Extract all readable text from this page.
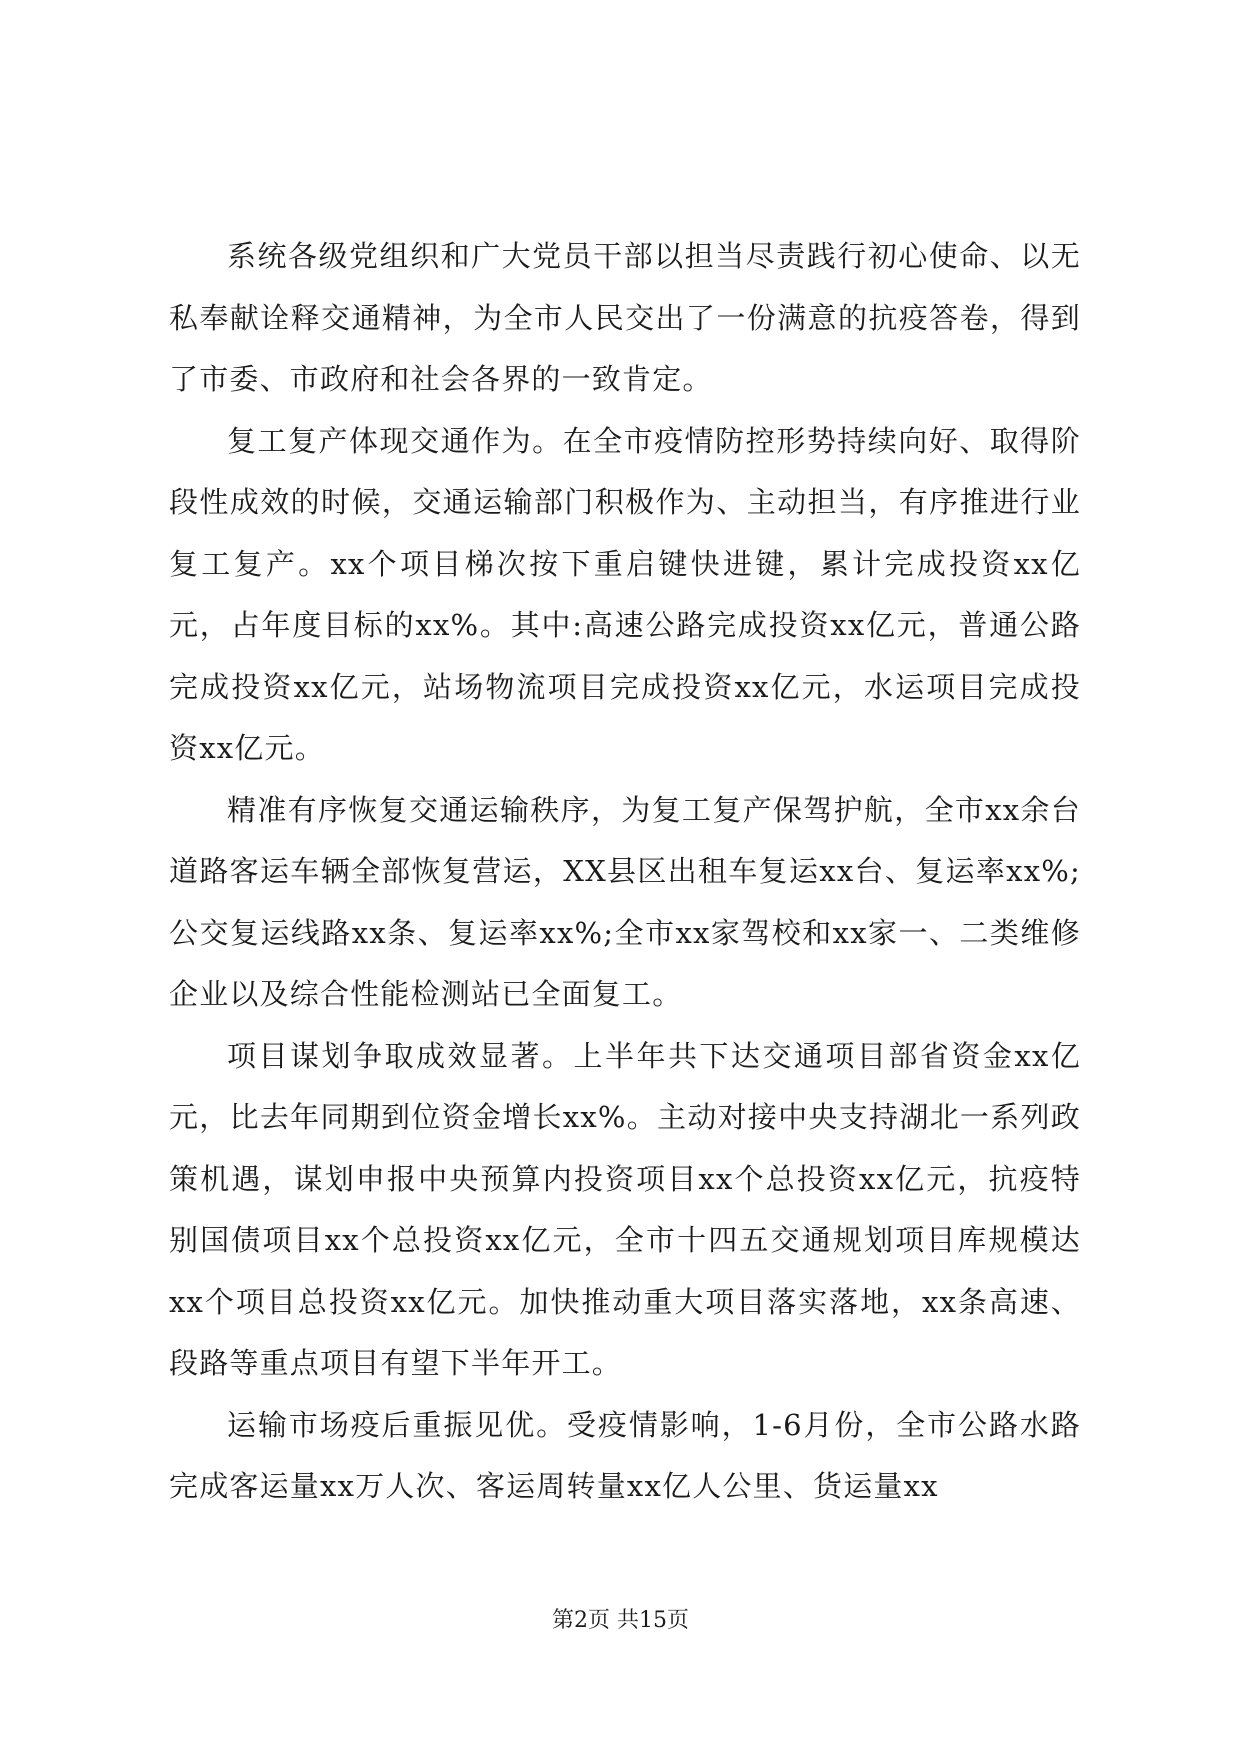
系统各级党组织和广大党员干部以担当尽责践行初心使命、以无私奉献诠释交通精神，为全市人民交出了一份满意的抗疫答卷，得到了市委、市政府和社会各界的一致肯定。

复工复产体现交通作为。在全市疫情防控形势持续向好、取得阶段性成效的时候，交通运输部门积极作为、主动担当，有序推进行业复工复产。xx个项目梯次按下重启键快进键，累计完成投资xx亿元，占年度目标的xx%。其中:高速公路完成投资xx亿元，普通公路完成投资xx亿元，站场物流项目完成投资xx亿元，水运项目完成投资xx亿元。

精准有序恢复交通运输秩序，为复工复产保驾护航，全市xx余台道路客运车辆全部恢复营运，XX县区出租车复运xx台、复运率xx%;公交复运线路xx条、复运率xx%;全市xx家驾校和xx家一、二类维修企业以及综合性能检测站已全面复工。

项目谋划争取成效显著。上半年共下达交通项目部省资金xx亿元，比去年同期到位资金增长xx%。主动对接中央支持湖北一系列政策机遇，谋划申报中央预算内投资项目xx个总投资xx亿元，抗疫特别国债项目xx个总投资xx亿元，全市十四五交通规划项目库规模达xx个项目总投资xx亿元。加快推动重大项目落实落地，xx条高速、段路等重点项目有望下半年开工。

运输市场疫后重振见优。受疫情影响，1-6月份，全市公路水路完成客运量xx万人次、客运周转量xx亿人公里、货运量xx

第2页 共15页
